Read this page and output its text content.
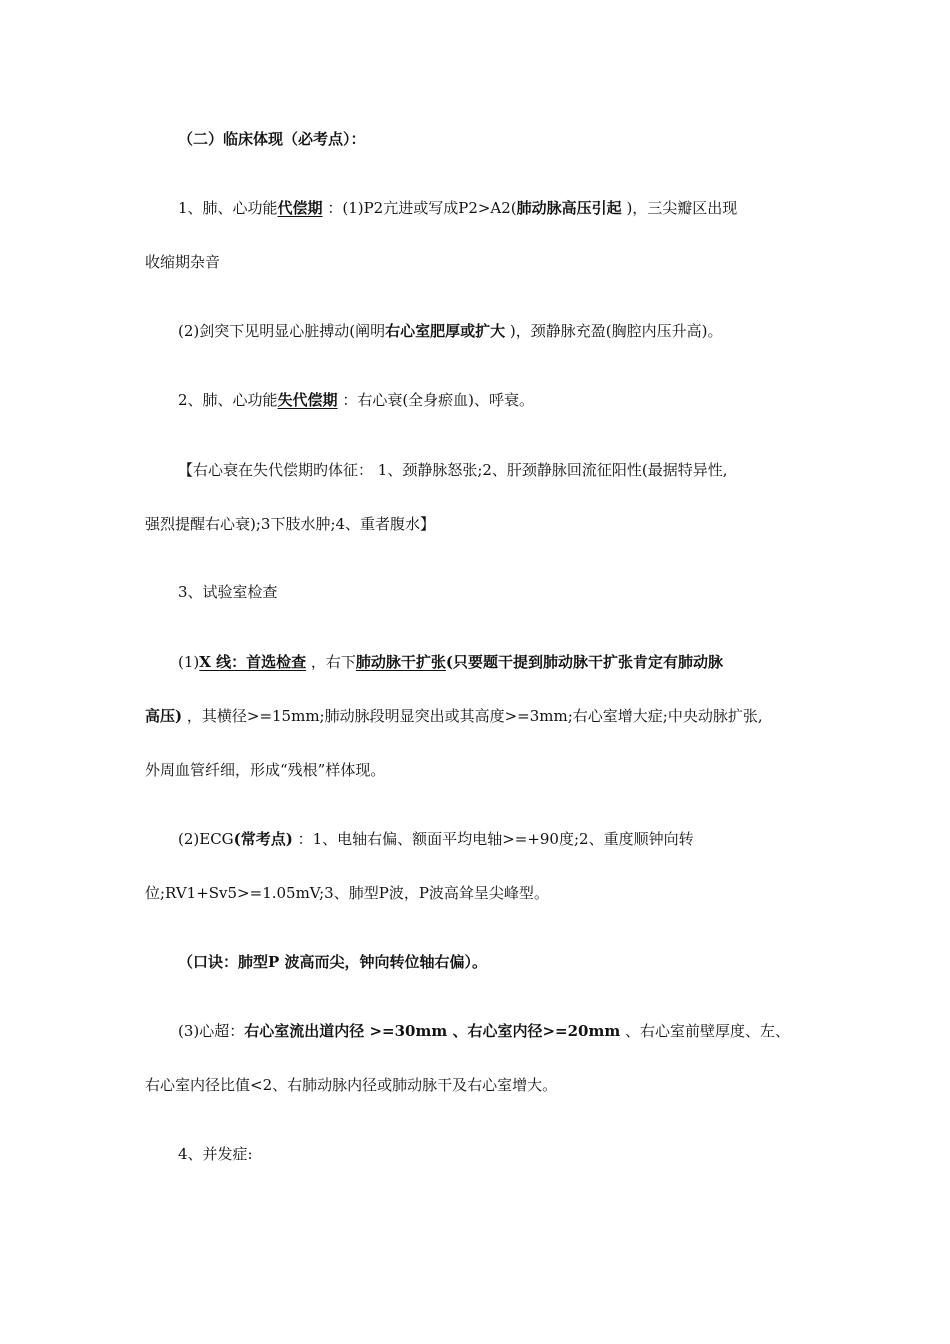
（二）临床体现（必考点）：
1、肺、心功能代偿期 ：(1)P2亢进或写成P2>A2(肺动脉高压引起 )，三尖瓣区出现
收缩期杂音
(2)剑突下见明显心脏搏动(阐明右心室肥厚或扩大 )，颈静脉充盈(胸腔内压升高)。
2、肺、心功能失代偿期 ：右心衰(全身瘀血)、呼衰。
【右心衰在失代偿期旳体征： 1、颈静脉怒张;2、肝颈静脉回流征阳性(最据特异性,
强烈提醒右心衰);3下肢水肿;4、重者腹水】
3、试验室检查
(1)X 线：首选检查 ，右下肺动脉干扩张(只要题干提到肺动脉干扩张肯定有肺动脉
高压) ，其横径>=15mm;肺动脉段明显突出或其高度>=3mm;右心室增大症;中央动脉扩张,
外周血管纤细，形成“残根”样体现。
(2)ECG(常考点) ：1、电轴右偏、额面平均电轴>=+90度;2、重度顺钟向转
位;RV1+Sv5>=1.05mV;3、肺型P波，P波高耸呈尖峰型。
（口诀：肺型P 波高而尖，钟向转位轴右偏）。
(3)心超：右心室流出道内径 >=30mm 、右心室内径>=20mm 、右心室前壁厚度、左、
右心室内径比值<2、右肺动脉内径或肺动脉干及右心室增大。
4、并发症:
